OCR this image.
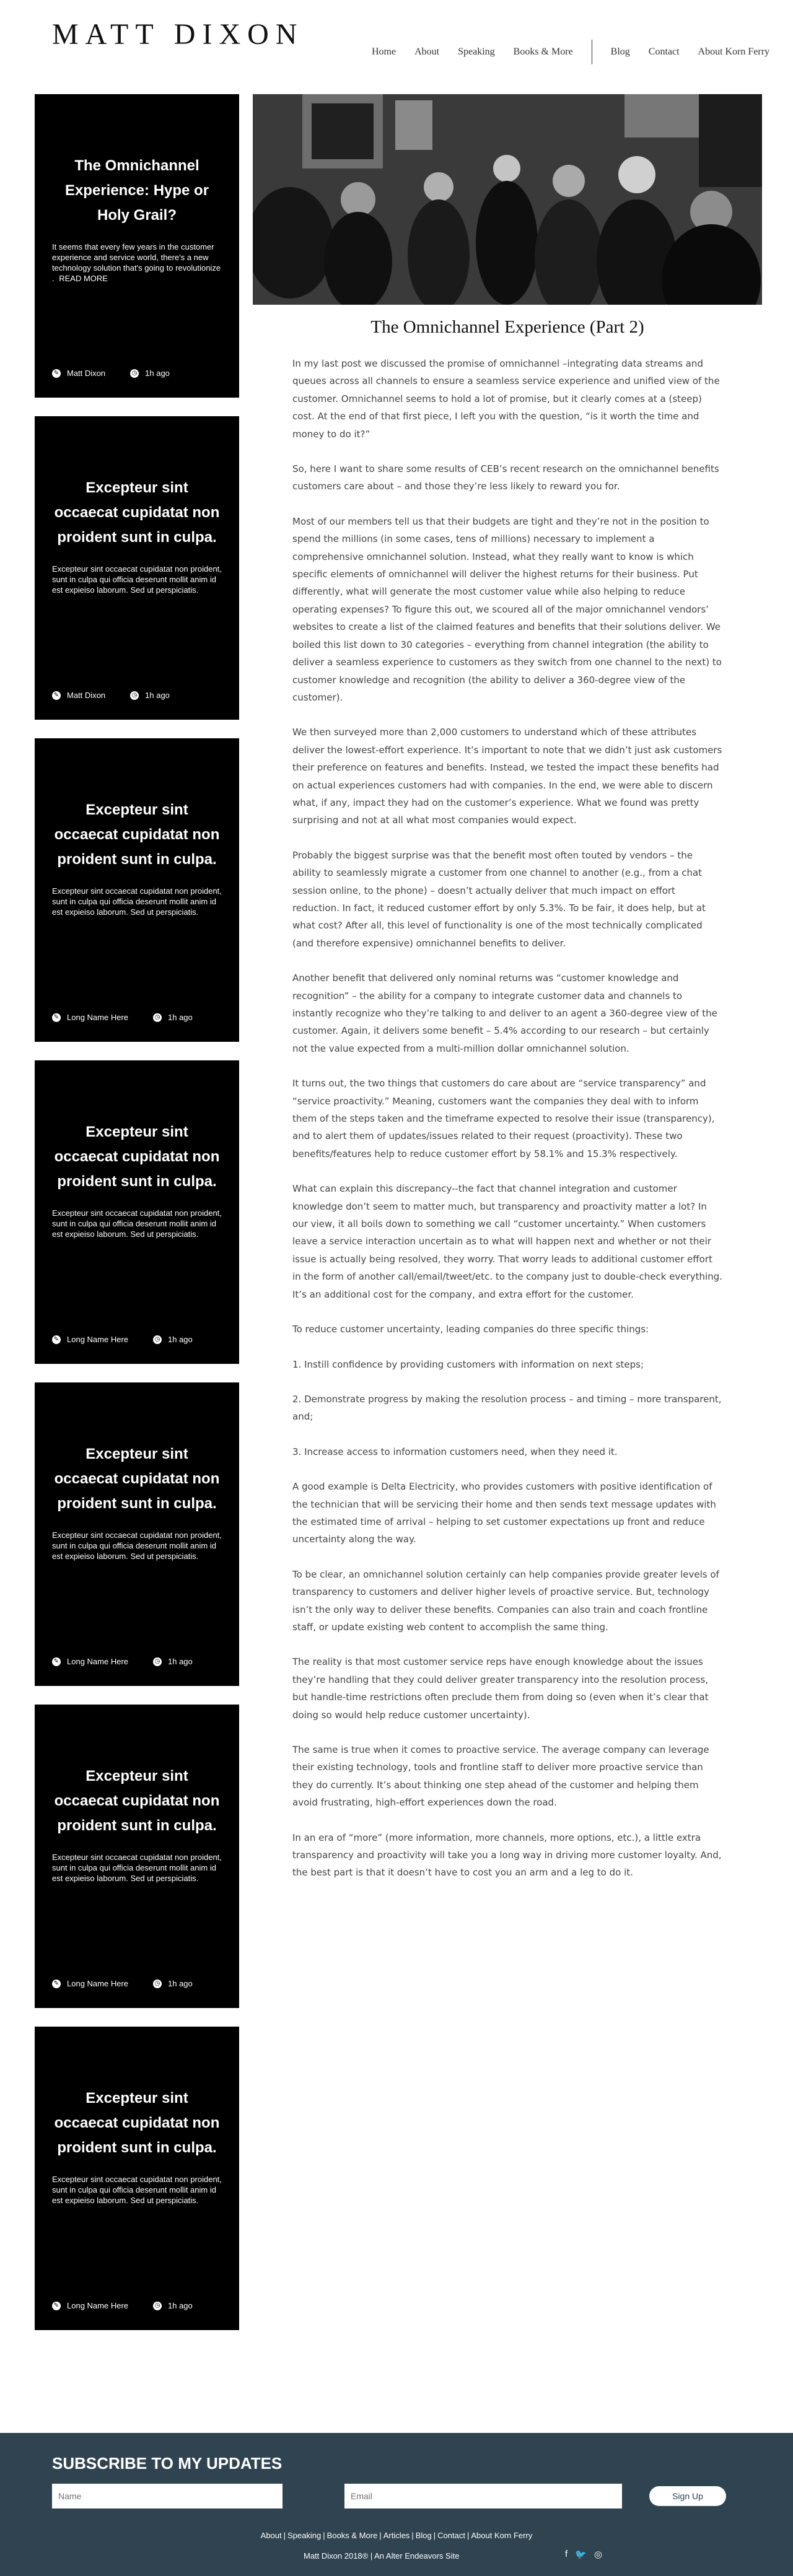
MATT DIXON
Home About Speaking Books & More	Blog Contact About Korn Ferry
The Omnichannel Experience: Hype or Holy Grail?
It seems that every few years in the customer experience and service world, there's a new technology solution that's going to revolutionize . READ MORE
✎ Matt Dixon	◷ 1h ago
Excepteur sint occaecat cupidatat non proident sunt in culpa.
Excepteur sint occaecat cupidatat non proident, sunt in culpa qui officia deserunt mollit anim id est expieiso laborum. Sed ut perspiciatis.
✎ Matt Dixon	◷ 1h ago
Excepteur sint occaecat cupidatat non proident sunt in culpa.
Excepteur sint occaecat cupidatat non proident, sunt in culpa qui officia deserunt mollit anim id est expieiso laborum. Sed ut perspiciatis.
✎ Long Name Here	◷ 1h ago
Excepteur sint occaecat cupidatat non proident sunt in culpa.
Excepteur sint occaecat cupidatat non proident, sunt in culpa qui officia deserunt mollit anim id est expieiso laborum. Sed ut perspiciatis.
✎ Long Name Here	◷ 1h ago
Excepteur sint occaecat cupidatat non proident sunt in culpa.
Excepteur sint occaecat cupidatat non proident, sunt in culpa qui officia deserunt mollit anim id est expieiso laborum. Sed ut perspiciatis.
✎ Long Name Here	◷ 1h ago
Excepteur sint occaecat cupidatat non proident sunt in culpa.
Excepteur sint occaecat cupidatat non proident, sunt in culpa qui officia deserunt mollit anim id est expieiso laborum. Sed ut perspiciatis.
✎ Long Name Here	◷ 1h ago
Excepteur sint occaecat cupidatat non proident sunt in culpa.
Excepteur sint occaecat cupidatat non proident, sunt in culpa qui officia deserunt mollit anim id est expieiso laborum. Sed ut perspiciatis.
✎ Long Name Here	◷ 1h ago
The Omnichannel Experience (Part 2)

In my last post we discussed the promise of omnichannel –integrating data streams and queues across all channels to ensure a seamless service experience and unified view of the customer. Omnichannel seems to hold a lot of promise, but it clearly comes at a (steep) cost. At the end of that first piece, I left you with the question, “is it worth the time and money to do it?”

So, here I want to share some results of CEB’s recent research on the omnichannel benefits customers care about – and those they’re less likely to reward you for.

Most of our members tell us that their budgets are tight and they’re not in the position to spend the millions (in some cases, tens of millions) necessary to implement a comprehensive omnichannel solution. Instead, what they really want to know is which specific elements of omnichannel will deliver the highest returns for their business. Put differently, what will generate the most customer value while also helping to reduce operating expenses? To figure this out, we scoured all of the major omnichannel vendors’ websites to create a list of the claimed features and benefits that their solutions deliver. We boiled this list down to 30 categories – everything from channel integration (the ability to deliver a seamless experience to customers as they switch from one channel to the next) to customer knowledge and recognition (the ability to deliver a 360-degree view of the customer).

We then surveyed more than 2,000 customers to understand which of these attributes deliver the lowest-effort experience. It’s important to note that we didn’t just ask customers their preference on features and benefits. Instead, we tested the impact these benefits had on actual experiences customers had with companies. In the end, we were able to discern what, if any, impact they had on the customer’s experience. What we found was pretty surprising and not at all what most companies would expect.

Probably the biggest surprise was that the benefit most often touted by vendors – the ability to seamlessly migrate a customer from one channel to another (e.g., from a chat session online, to the phone) – doesn’t actually deliver that much impact on effort reduction. In fact, it reduced customer effort by only 5.3%. To be fair, it does help, but at what cost? After all, this level of functionality is one of the most technically complicated (and therefore expensive) omnichannel benefits to deliver.

Another benefit that delivered only nominal returns was “customer knowledge and recognition” – the ability for a company to integrate customer data and channels to instantly recognize who they’re talking to and deliver to an agent a 360-degree view of the customer. Again, it delivers some benefit – 5.4% according to our research – but certainly not the value expected from a multi-million dollar omnichannel solution.

It turns out, the two things that customers do care about are “service transparency” and “service proactivity.” Meaning, customers want the companies they deal with to inform them of the steps taken and the timeframe expected to resolve their issue (transparency), and to alert them of updates/issues related to their request (proactivity). These two benefits/features help to reduce customer effort by 58.1% and 15.3% respectively.

What can explain this discrepancy--the fact that channel integration and customer knowledge don’t seem to matter much, but transparency and proactivity matter a lot? In our view, it all boils down to something we call “customer uncertainty.” When customers leave a service interaction uncertain as to what will happen next and whether or not their issue is actually being resolved, they worry. That worry leads to additional customer effort in the form of another call/email/tweet/etc. to the company just to double-check everything. It’s an additional cost for the company, and extra effort for the customer.

To reduce customer uncertainty, leading companies do three specific things:

1. Instill confidence by providing customers with information on next steps;

2. Demonstrate progress by making the resolution process – and timing – more transparent, and;

3. Increase access to information customers need, when they need it.

A good example is Delta Electricity, who provides customers with positive identification of the technician that will be servicing their home and then sends text message updates with the estimated time of arrival – helping to set customer expectations up front and reduce uncertainty along the way.

To be clear, an omnichannel solution certainly can help companies provide greater levels of transparency to customers and deliver higher levels of proactive service. But, technology isn’t the only way to deliver these benefits. Companies can also train and coach frontline staff, or update existing web content to accomplish the same thing.

The reality is that most customer service reps have enough knowledge about the issues they’re handling that they could deliver greater transparency into the resolution process, but handle-time restrictions often preclude them from doing so (even when it’s clear that doing so would help reduce customer uncertainty).

The same is true when it comes to proactive service. The average company can leverage their existing technology, tools and frontline staff to deliver more proactive service than they do currently. It’s about thinking one step ahead of the customer and helping them avoid frustrating, high-effort experiences down the road.

In an era of “more” (more information, more channels, more options, etc.), a little extra transparency and proactivity will take you a long way in driving more customer loyalty. And, the best part is that it doesn’t have to cost you an arm and a leg to do it.

SUBSCRIBE TO MY UPDATES
Name
Email
Sign Up
About | Speaking | Books & More | Articles | Blog | Contact | About Korn Ferry
Matt Dixon 2018® | An Alter Endeavors Site	f 🐦 ◎
